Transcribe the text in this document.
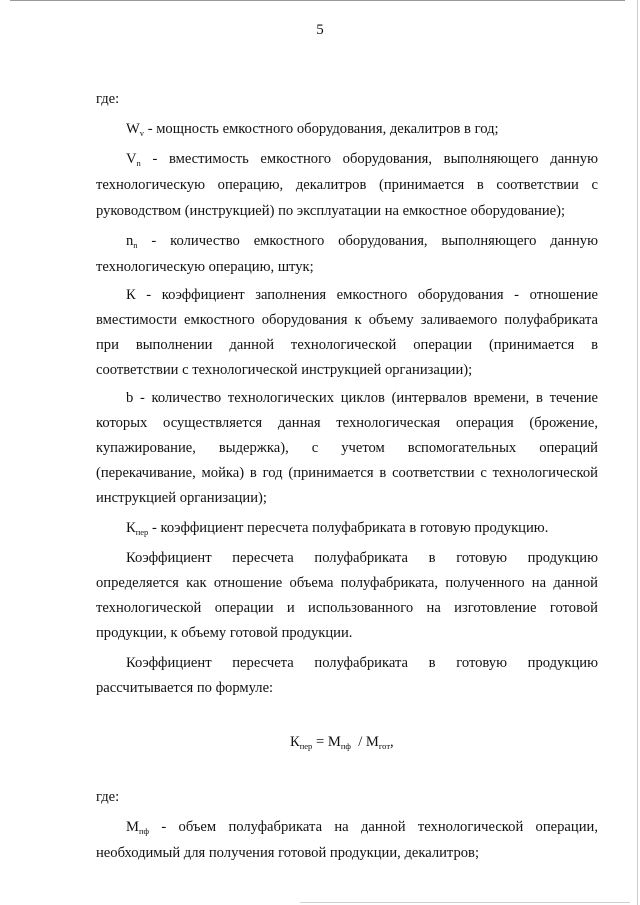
5
где:
$W_v$ - мощность емкостного оборудования, декалитров в год;
$V_n$ - вместимость емкостного оборудования, выполняющего данную
технологическую операцию, декалитров (принимается в соответствии с
руководством (инструкцией) по эксплуатации на емкостное оборудование);
$n_n$ - количество емкостного оборудования, выполняющего данную
технологическую операцию, штук;
К - коэффициент заполнения емкостного оборудования - отношение
вместимости емкостного оборудования к объему заливаемого полуфабриката
при выполнении данной технологической операции (принимается в
соответствии с технологической инструкцией организации);
b - количество технологических циклов (интервалов времени, в течение
которых осуществляется данная технологическая операция (брожение,
купажирование, выдержка), с учетом вспомогательных операций
(перекачивание, мойка) в год (принимается в соответствии с технологической
инструкцией организации);
$К_{пер}$ - коэффициент пересчета полуфабриката в готовую продукцию.
Коэффициент пересчета полуфабриката в готовую продукцию
определяется как отношение объема полуфабриката, полученного на данной
технологической операции и использованного на изготовление готовой
продукции, к объему готовой продукции.
Коэффициент пересчета полуфабриката в готовую продукцию
рассчитывается по формуле:
$К_{пер} = М_{пф} / М_{гот}$,
где:
$М_{пф}$ - объем полуфабриката на данной технологической операции,
необходимый для получения готовой продукции, декалитров;
